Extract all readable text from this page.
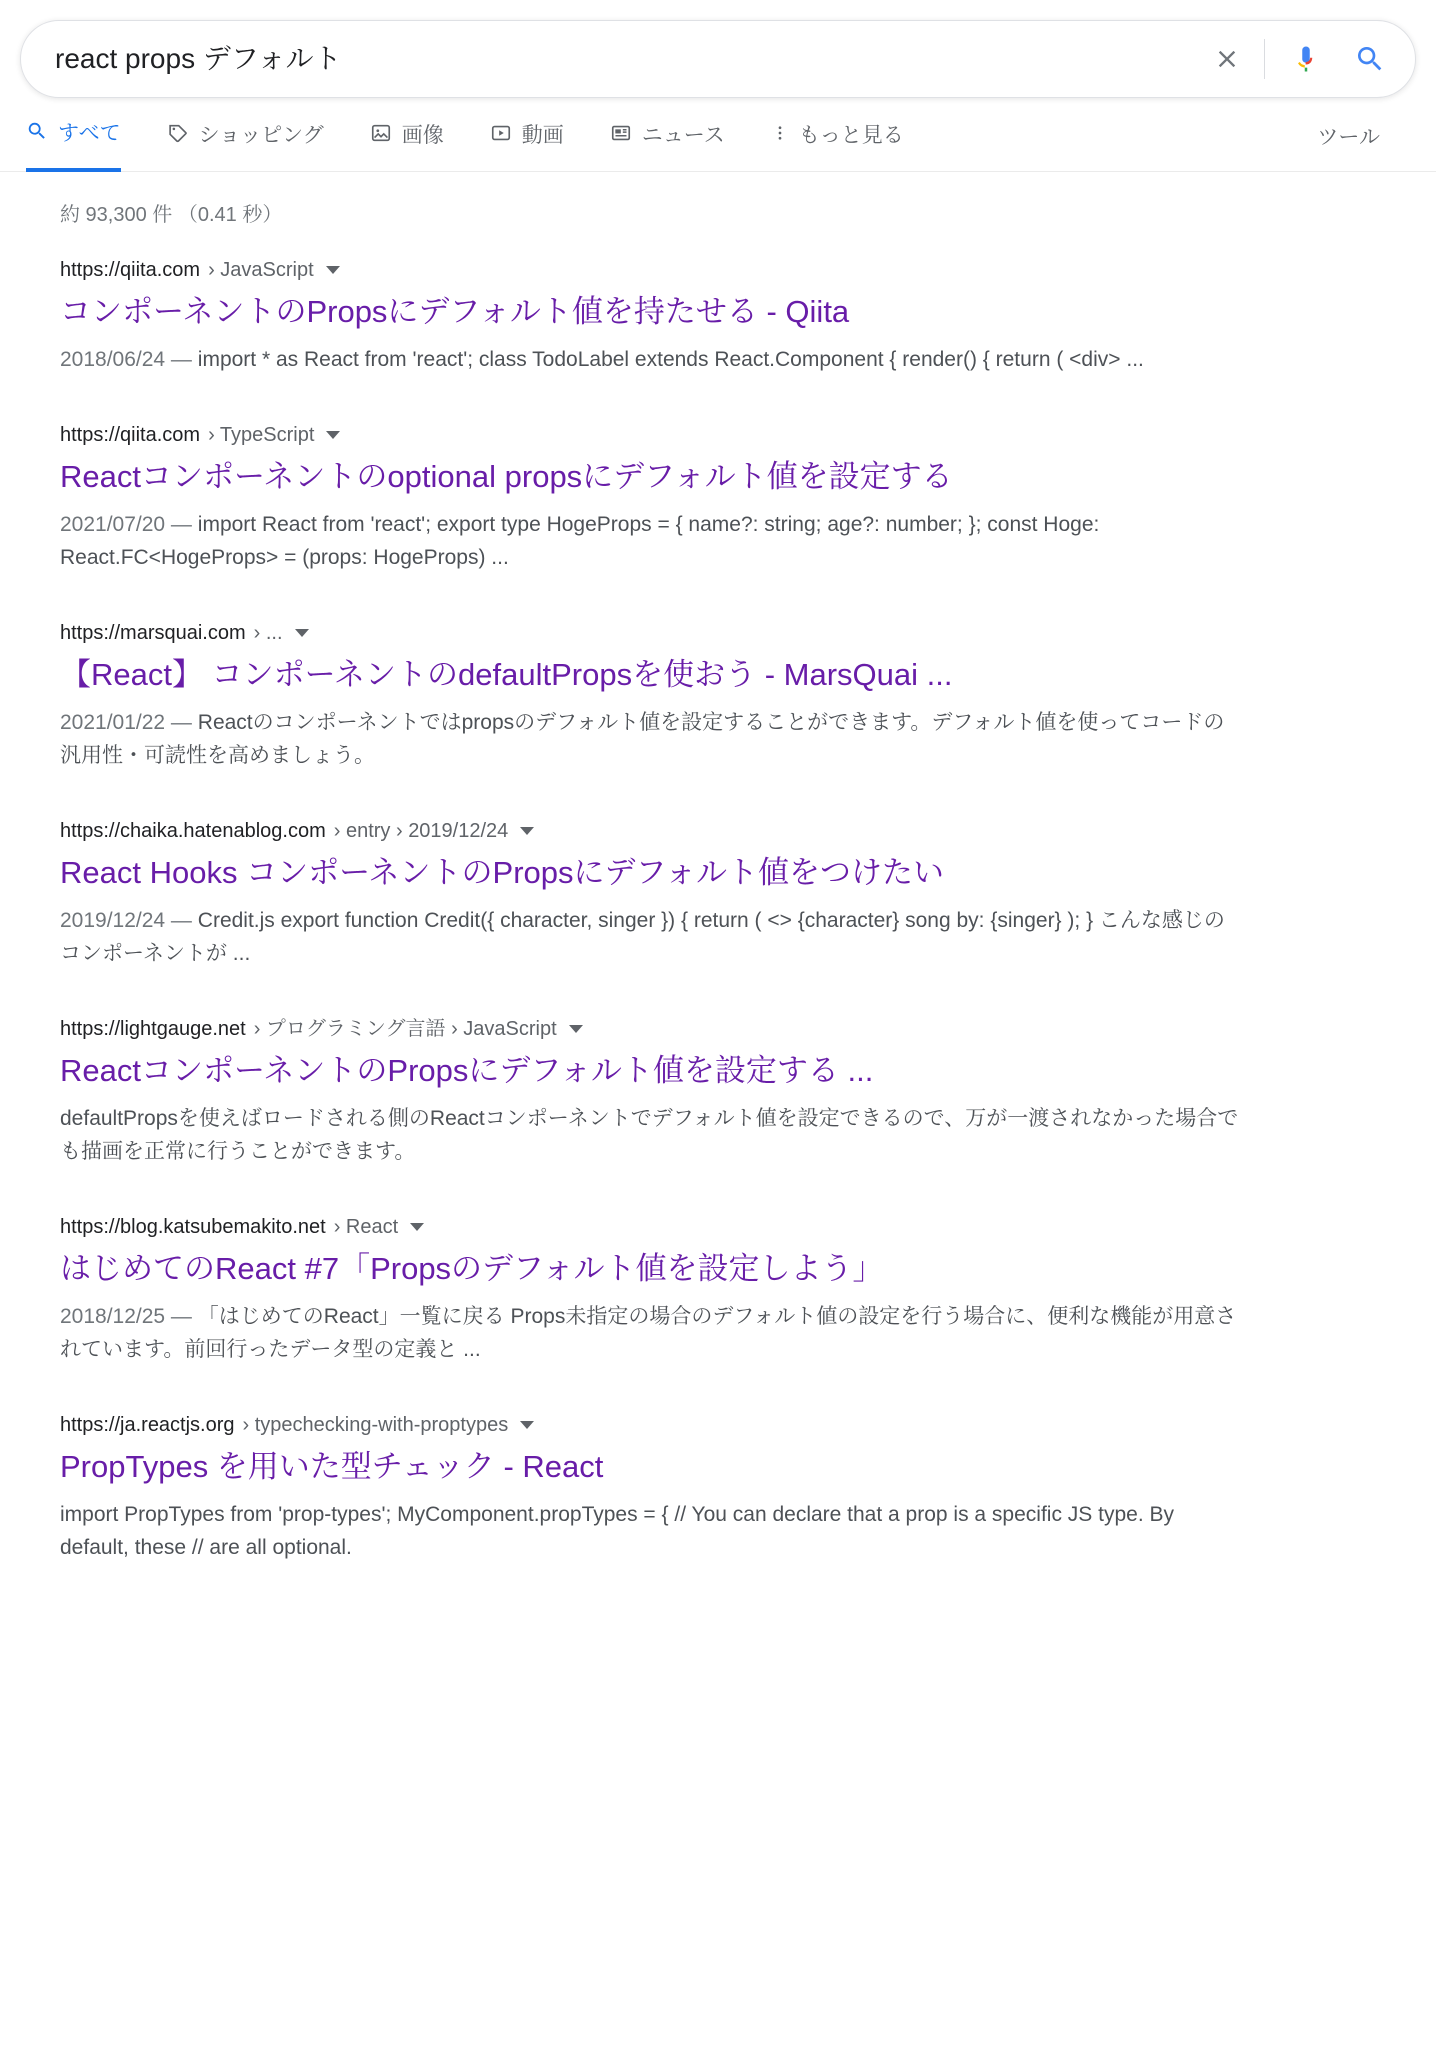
react props デフォルト
すべて	ショッピング	画像	動画	ニュース	もっと見る	ツール
約 93,300 件 （0.41 秒）
https://qiita.com › JavaScript
コンポーネントのPropsにデフォルト値を持たせる - Qiita
2018/06/24 — import * as React from 'react'; class TodoLabel extends React.Component { render() { return ( <div> ...
https://qiita.com › TypeScript
Reactコンポーネントのoptional propsにデフォルト値を設定する
2021/07/20 — import React from 'react'; export type HogeProps = { name?: string; age?: number; }; const Hoge: React.FC<HogeProps> = (props: HogeProps) ...
https://marsquai.com › ...
【React】 コンポーネントのdefaultPropsを使おう - MarsQuai ...
2021/01/22 — Reactのコンポーネントではpropsのデフォルト値を設定することができます。デフォルト値を使ってコードの汎用性・可読性を高めましょう。
https://chaika.hatenablog.com › entry › 2019/12/24
React Hooks コンポーネントのPropsにデフォルト値をつけたい
2019/12/24 — Credit.js export function Credit({ character, singer }) { return ( <> {character} song by: {singer} ); } こんな感じのコンポーネントが ...
https://lightgauge.net › プログラミング言語 › JavaScript
ReactコンポーネントのPropsにデフォルト値を設定する ...
defaultPropsを使えばロードされる側のReactコンポーネントでデフォルト値を設定できるので、万が一渡されなかった場合でも描画を正常に行うことができます。
https://blog.katsubemakito.net › React
はじめてのReact #7「Propsのデフォルト値を設定しよう」
2018/12/25 — 「はじめてのReact」一覧に戻る Props未指定の場合のデフォルト値の設定を行う場合に、便利な機能が用意されています。前回行ったデータ型の定義と ...
https://ja.reactjs.org › typechecking-with-proptypes
PropTypes を用いた型チェック - React
import PropTypes from 'prop-types'; MyComponent.propTypes = { // You can declare that a prop is a specific JS type. By default, these // are all optional.
